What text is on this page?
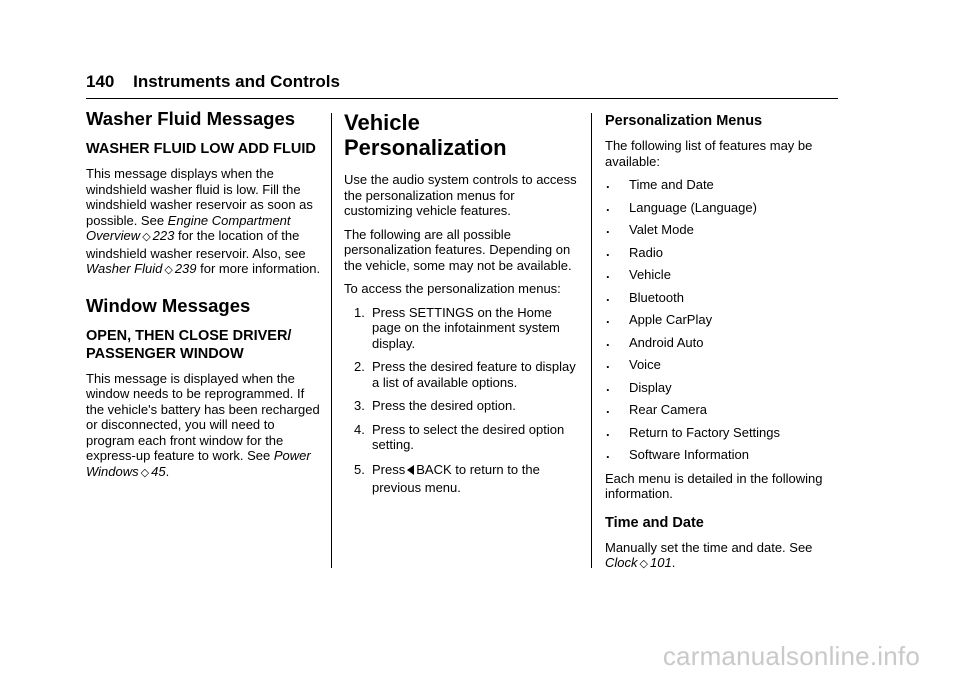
140 Instruments and Controls
Washer Fluid Messages
WASHER FLUID LOW ADD FLUID

This message displays when the windshield washer fluid is low. Fill the windshield washer reservoir as soon as possible. See Engine Compartment Overview ◇ 223 for the location of the windshield washer reservoir. Also, see Washer Fluid ◇ 239 for more information.

Window Messages
OPEN, THEN CLOSE DRIVER/ PASSENGER WINDOW

This message is displayed when the window needs to be reprogrammed. If the vehicle's battery has been recharged or disconnected, you will need to program each front window for the express-up feature to work. See Power Windows ◇ 45.

Vehicle Personalization

Use the audio system controls to access the personalization menus for customizing vehicle features.

The following are all possible personalization features. Depending on the vehicle, some may not be available.

To access the personalization menus:

1. Press SETTINGS on the Home page on the infotainment system display.
2. Press the desired feature to display a list of available options.
3. Press the desired option.
4. Press to select the desired option setting.
5. Press BACK to return to the previous menu.
Personalization Menus

The following list of features may be available:

. Time and Date
. Language (Language)
. Valet Mode
. Radio
. Vehicle
. Bluetooth
. Apple CarPlay
. Android Auto
. Voice
. Display
. Rear Camera
. Return to Factory Settings
. Software Information

Each menu is detailed in the following information.

Time and Date

Manually set the time and date. See Clock ◇ 101.

carmanualsonline.info
